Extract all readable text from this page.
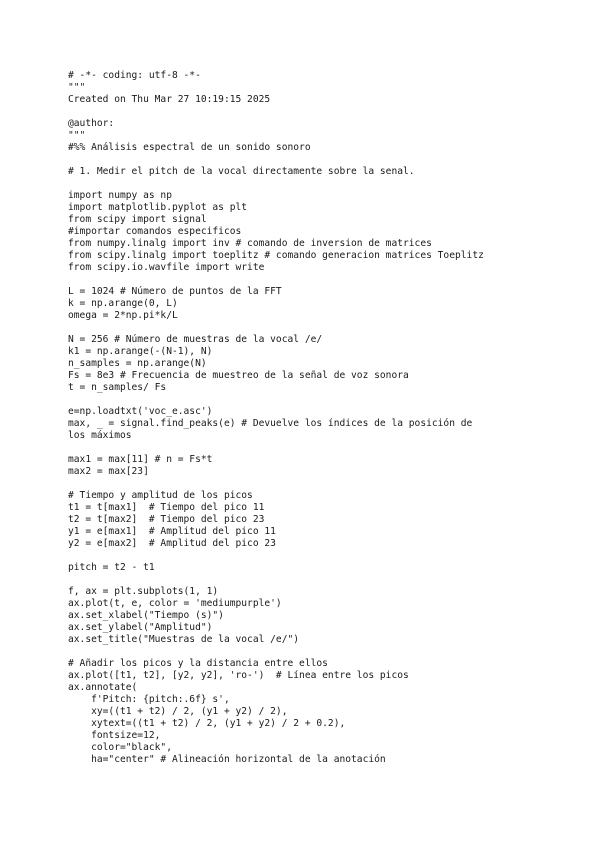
# -*- coding: utf-8 -*-
"""
Created on Thu Mar 27 10:19:15 2025
@author:
"""
#%% Análisis espectral de un sonido sonoro
# 1. Medir el pitch de la vocal directamente sobre la senal.
import numpy as np
import matplotlib.pyplot as plt
from scipy import signal
#importar comandos especificos
from numpy.linalg import inv # comando de inversion de matrices
from scipy.linalg import toeplitz # comando generacion matrices Toeplitz
from scipy.io.wavfile import write
L = 1024 # Número de puntos de la FFT
k = np.arange(0, L)
omega = 2*np.pi*k/L
N = 256 # Número de muestras de la vocal /e/
k1 = np.arange(-(N-1), N)
n_samples = np.arange(N)
Fs = 8e3 # Frecuencia de muestreo de la señal de voz sonora
t = n_samples/ Fs
e=np.loadtxt('voc_e.asc')
max, _ = signal.find_peaks(e) # Devuelve los índices de la posición de
los máximos
max1 = max[11] # n = Fs*t
max2 = max[23]
# Tiempo y amplitud de los picos
t1 = t[max1]  # Tiempo del pico 11
t2 = t[max2]  # Tiempo del pico 23
y1 = e[max1]  # Amplitud del pico 11
y2 = e[max2]  # Amplitud del pico 23
pitch = t2 - t1
f, ax = plt.subplots(1, 1)
ax.plot(t, e, color = 'mediumpurple')
ax.set_xlabel("Tiempo (s)")
ax.set_ylabel("Amplitud")
ax.set_title("Muestras de la vocal /e/")
# Añadir los picos y la distancia entre ellos
ax.plot([t1, t2], [y2, y2], 'ro-')  # Línea entre los picos
ax.annotate(
f'Pitch: {pitch:.6f} s',
xy=((t1 + t2) / 2, (y1 + y2) / 2),
xytext=((t1 + t2) / 2, (y1 + y2) / 2 + 0.2),
fontsize=12,
color="black",
ha="center" # Alineación horizontal de la anotación
